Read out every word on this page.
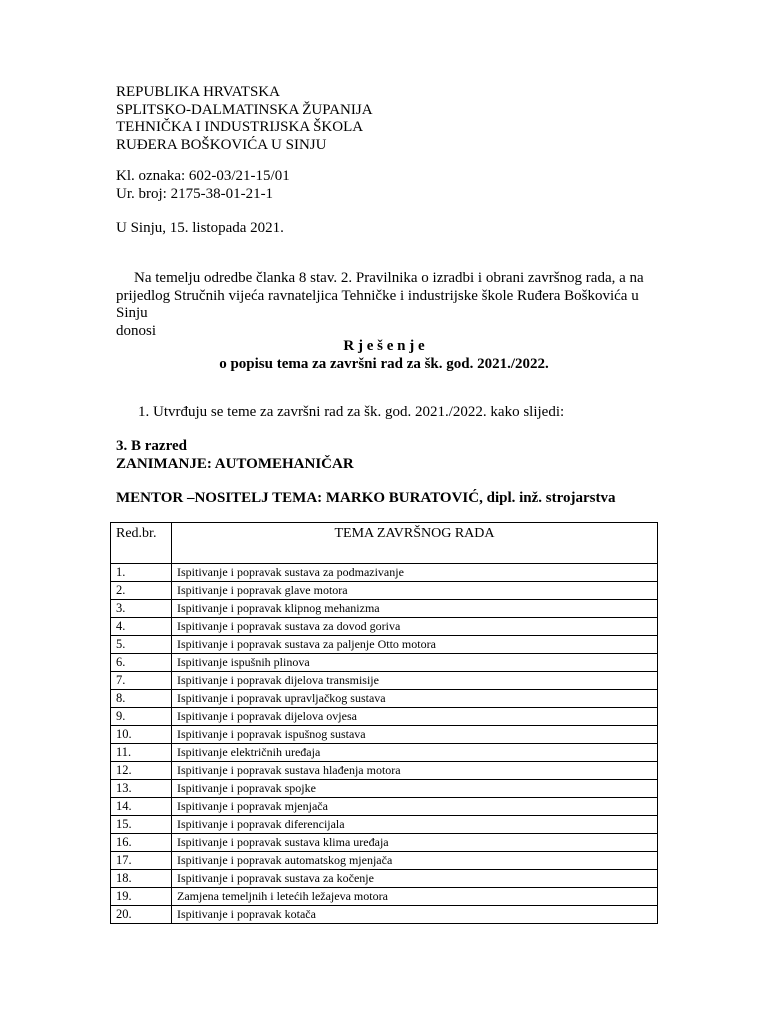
REPUBLIKA HRVATSKA
SPLITSKO-DALMATINSKA ŽUPANIJA
TEHNIČKA I INDUSTRIJSKA ŠKOLA
RUĐERA BOŠKOVIĆA U SINJU
Kl. oznaka: 602-03/21-15/01
Ur. broj: 2175-38-01-21-1
U Sinju, 15. listopada 2021.
Na temelju odredbe članka 8 stav. 2. Pravilnika o izradbi i obrani završnog rada, a na
prijedlog Stručnih vijeća ravnateljica Tehničke i industrijske škole Ruđera Boškovića u Sinju
donosi
R j e š e n j e
o popisu tema za završni rad za šk. god. 2021./2022.
1. Utvrđuju se teme za završni rad za šk. god. 2021./2022. kako slijedi:
3. B razred
ZANIMANJE: AUTOMEHANIČAR
MENTOR –NOSITELJ TEMA: MARKO BURATOVIĆ, dipl. inž. strojarstva
Red.br.	TEMA ZAVRŠNOG RADA
1.	Ispitivanje i popravak sustava za podmazivanje
2.	Ispitivanje i popravak glave motora
3.	Ispitivanje i popravak klipnog mehanizma
4.	Ispitivanje i popravak sustava za dovod goriva
5.	Ispitivanje i popravak sustava za paljenje Otto motora
6.	Ispitivanje ispušnih plinova
7.	Ispitivanje i popravak dijelova transmisije
8.	Ispitivanje i popravak upravljačkog sustava
9.	Ispitivanje i popravak dijelova ovjesa
10.	Ispitivanje i popravak ispušnog sustava
11.	Ispitivanje električnih uređaja
12.	Ispitivanje i popravak sustava hlađenja motora
13.	Ispitivanje i popravak spojke
14.	Ispitivanje i popravak mjenjača
15.	Ispitivanje i popravak diferencijala
16.	Ispitivanje i popravak sustava klima uređaja
17.	Ispitivanje i popravak automatskog mjenjača
18.	Ispitivanje i popravak sustava za kočenje
19.	Zamjena temeljnih i letećih ležajeva motora
20.	Ispitivanje i popravak kotača
